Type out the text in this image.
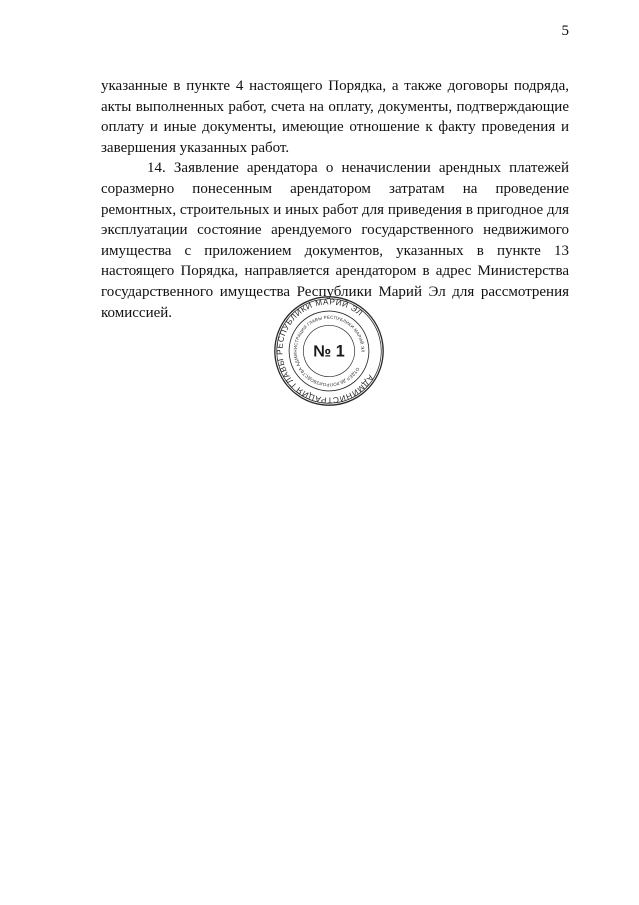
5

указанные в пункте 4 настоящего Порядка, а также договоры подряда, акты выполненных работ, счета на оплату, документы, подтверждающие оплату и иные документы, имеющие отношение к факту проведения и завершения указанных работ.

14. Заявление арендатора о неначислении арендных платежей соразмерно понесенным арендатором затратам на проведение ремонтных, строительных и иных работ для приведения в пригодное для эксплуатации состояние арендуемого государственного недвижимого имущества с приложением документов, указанных в пункте 13 настоящего Порядка, направляется арендатором в адрес Министерства государственного имущества Республики Марий Эл для рассмотрения комиссией.

АДМИНИСТРАЦИЯ ГЛАВЫ РЕСПУБЛИКИ МАРИЙ ЭЛ
ОТДЕЛ ДЕЛОПРОИЗВОДСТВА АДМИНИСТРАЦИИ ГЛАВЫ РЕСПУБЛИКИ МАРИЙ ЭЛ
№ 1
